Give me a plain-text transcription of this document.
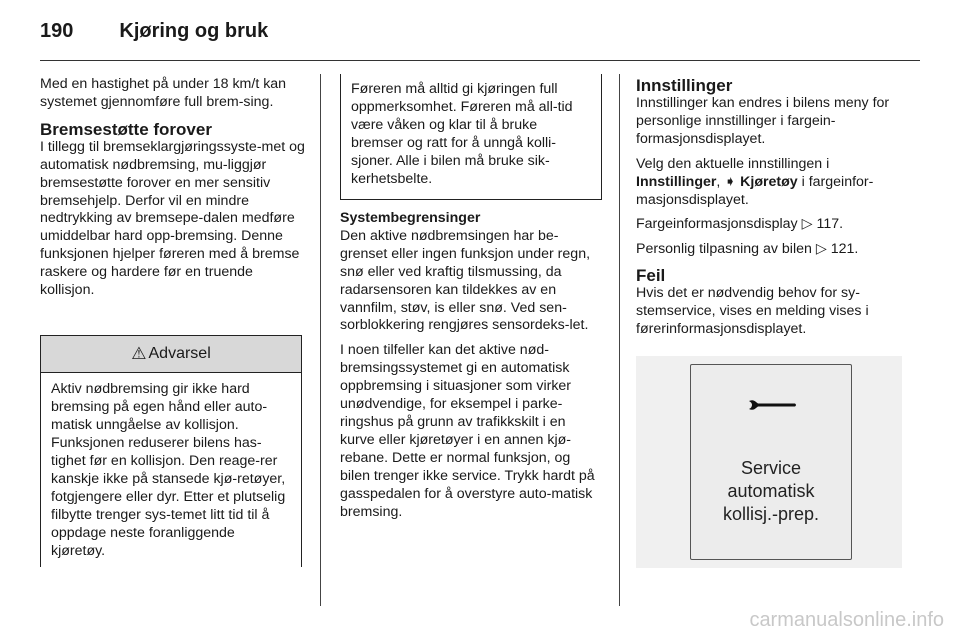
190 Kjøring og bruk

Med en hastighet på under 18 km/t kan systemet gjennomføre full brem-sing.

Bremsestøtte forover

I tillegg til bremseklargjøringssyste-met og automatisk nødbremsing, mu-liggjør bremsestøtte forover en mer sensitiv bremsehjelp. Derfor vil en mindre nedtrykking av bremsepe-dalen medføre umiddelbar hard opp-bremsing. Denne funksjonen hjelper føreren med å bremse raskere og hardere før en truende kollisjon.

⚠ Advarsel
Aktiv nødbremsing gir ikke hard bremsing på egen hånd eller auto-matisk unngåelse av kollisjon. Funksjonen reduserer bilens has-tighet før en kollisjon. Den reage-rer kanskje ikke på stansede kjø-retøyer, fotgjengere eller dyr. Etter et plutselig filbytte trenger sys-temet litt tid til å oppdage neste foranliggende kjøretøy.
Føreren må alltid gi kjøringen full oppmerksomhet. Føreren må all-tid være våken og klar til å bruke bremser og ratt for å unngå kolli-sjoner. Alle i bilen må bruke sik-kerhetsbelte.
Systembegrensinger

Den aktive nødbremsingen har be-grenset eller ingen funksjon under regn, snø eller ved kraftig tilsmussing, da radarsensoren kan tildekkes av en vannfilm, støv, is eller snø. Ved sen-sorblokkering rengjøres sensordeks-let.

I noen tilfeller kan det aktive nød-bremsingssystemet gi en automatisk oppbremsing i situasjoner som virker unødvendige, for eksempel i parke-ringshus på grunn av trafikkskilt i en kurve eller kjøretøyer i en annen kjø-rebane. Dette er normal funksjon, og bilen trenger ikke service. Trykk hardt på gasspedalen for å overstyre auto-matisk bremsing.

Innstillinger

Innstillinger kan endres i bilens meny for personlige innstillinger i fargein-formasjonsdisplayet.

Velg den aktuelle innstillingen i Innstillinger, ➧ Kjøretøy i fargeinfor-masjonsdisplayet.

Fargeinformasjonsdisplay ▷ 117.

Personlig tilpasning av bilen ▷ 121.

Feil

Hvis det er nødvendig behov for sy-stemservice, vises en melding vises i førerinformasjonsdisplayet.

Service
automatisk
kollisj.-prep.
carmanualsonline.info
